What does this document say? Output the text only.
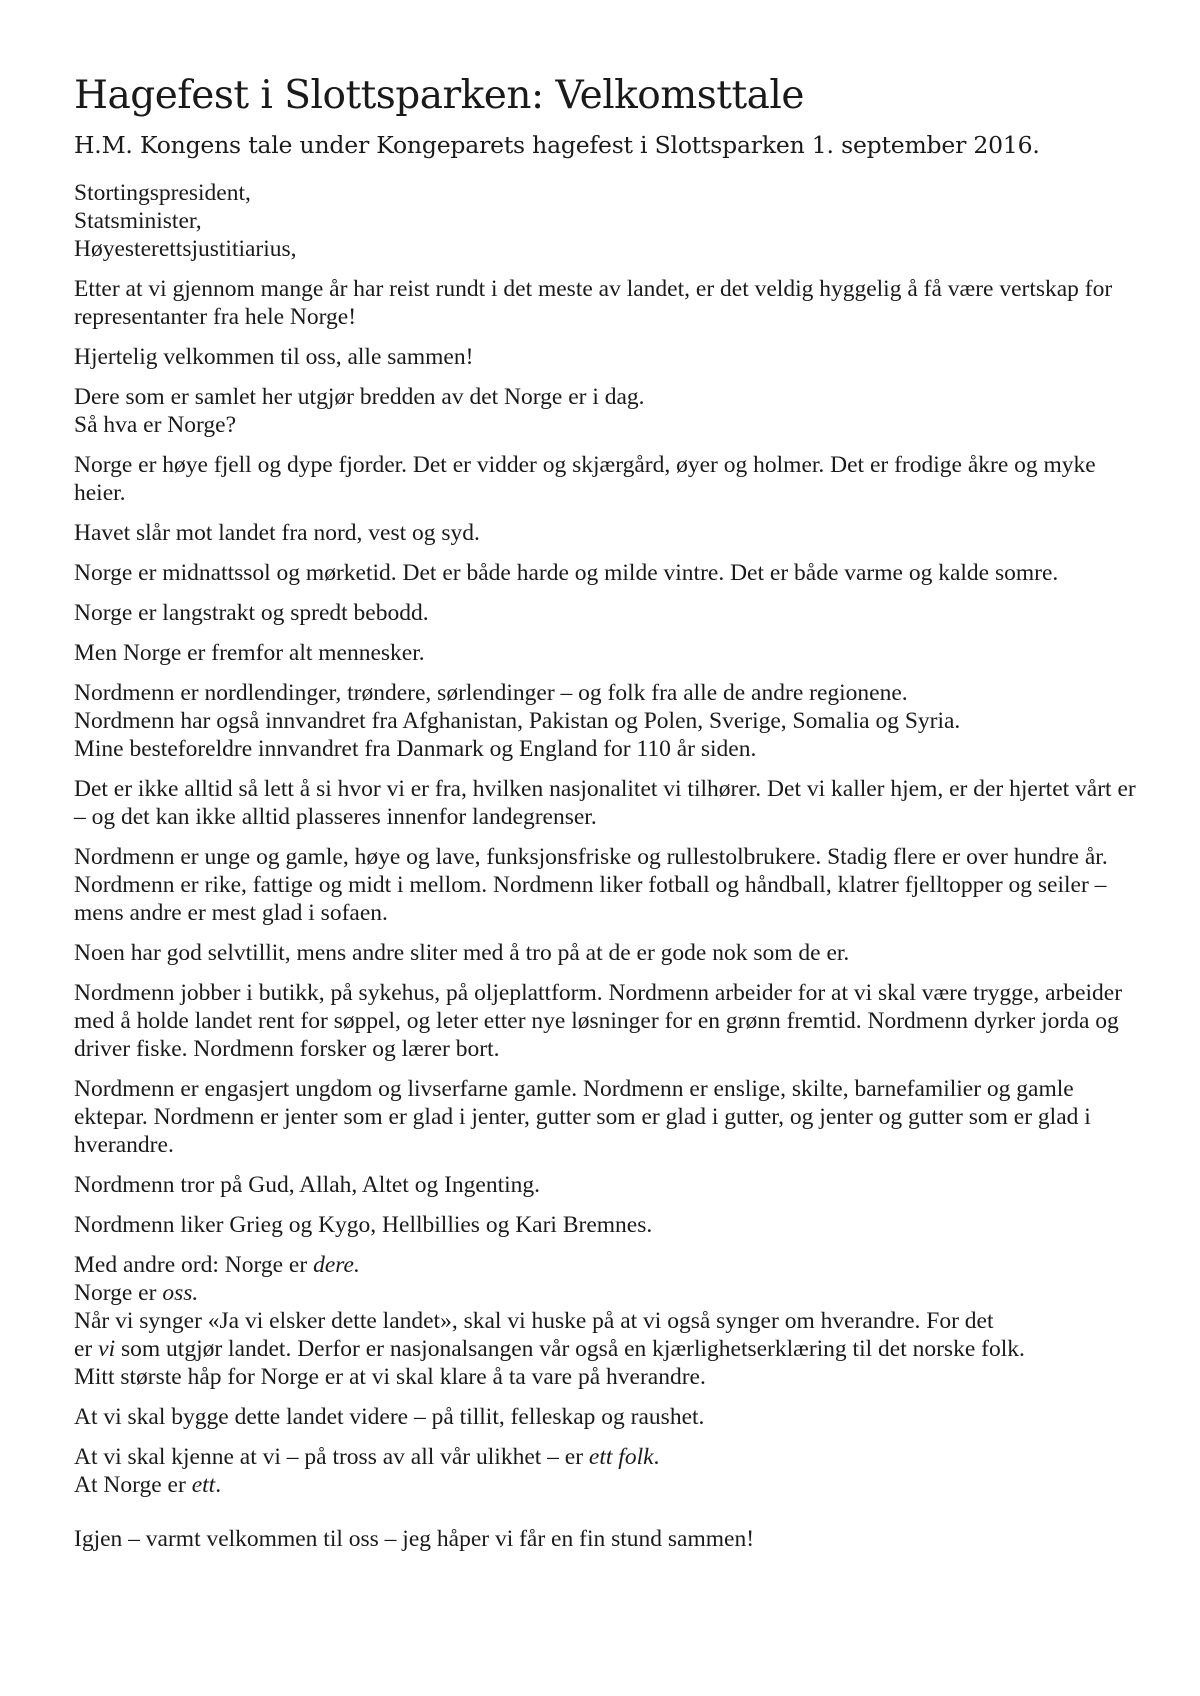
Hagefest i Slottsparken: Velkomsttale
H.M. Kongens tale under Kongeparets hagefest i Slottsparken 1. september 2016.

Stortingspresident,
Statsminister,
Høyesterettsjustitiarius,

Etter at vi gjennom mange år har reist rundt i det meste av landet, er det veldig hyggelig å få være vertskap for representanter fra hele Norge!

Hjertelig velkommen til oss, alle sammen!

Dere som er samlet her utgjør bredden av det Norge er i dag.
Så hva er Norge?

Norge er høye fjell og dype fjorder. Det er vidder og skjærgård, øyer og holmer. Det er frodige åkre og myke heier.

Havet slår mot landet fra nord, vest og syd.

Norge er midnattssol og mørketid. Det er både harde og milde vintre. Det er både varme og kalde somre.

Norge er langstrakt og spredt bebodd.

Men Norge er fremfor alt mennesker.

Nordmenn er nordlendinger, trøndere, sørlendinger – og folk fra alle de andre regionene.
Nordmenn har også innvandret fra Afghanistan, Pakistan og Polen, Sverige, Somalia og Syria.
Mine besteforeldre innvandret fra Danmark og England for 110 år siden.

Det er ikke alltid så lett å si hvor vi er fra, hvilken nasjonalitet vi tilhører. Det vi kaller hjem, er der hjertet vårt er – og det kan ikke alltid plasseres innenfor landegrenser.

Nordmenn er unge og gamle, høye og lave, funksjonsfriske og rullestolbrukere. Stadig flere er over hundre år. Nordmenn er rike, fattige og midt i mellom. Nordmenn liker fotball og håndball, klatrer fjelltopper og seiler – mens andre er mest glad i sofaen.

Noen har god selvtillit, mens andre sliter med å tro på at de er gode nok som de er.

Nordmenn jobber i butikk, på sykehus, på oljeplattform. Nordmenn arbeider for at vi skal være trygge, arbeider med å holde landet rent for søppel, og leter etter nye løsninger for en grønn fremtid. Nordmenn dyrker jorda og driver fiske. Nordmenn forsker og lærer bort.

Nordmenn er engasjert ungdom og livserfarne gamle. Nordmenn er enslige, skilte, barnefamilier og gamle ektepar. Nordmenn er jenter som er glad i jenter, gutter som er glad i gutter, og jenter og gutter som er glad i hverandre.

Nordmenn tror på Gud, Allah, Altet og Ingenting.

Nordmenn liker Grieg og Kygo, Hellbillies og Kari Bremnes.

Med andre ord: Norge er dere.
Norge er oss.
Når vi synger «Ja vi elsker dette landet», skal vi huske på at vi også synger om hverandre. For det
er vi som utgjør landet. Derfor er nasjonalsangen vår også en kjærlighetserklæring til det norske folk.
Mitt største håp for Norge er at vi skal klare å ta vare på hverandre.

At vi skal bygge dette landet videre – på tillit, felleskap og raushet.

At vi skal kjenne at vi – på tross av all vår ulikhet – er ett folk.
At Norge er ett.

Igjen – varmt velkommen til oss – jeg håper vi får en fin stund sammen!
